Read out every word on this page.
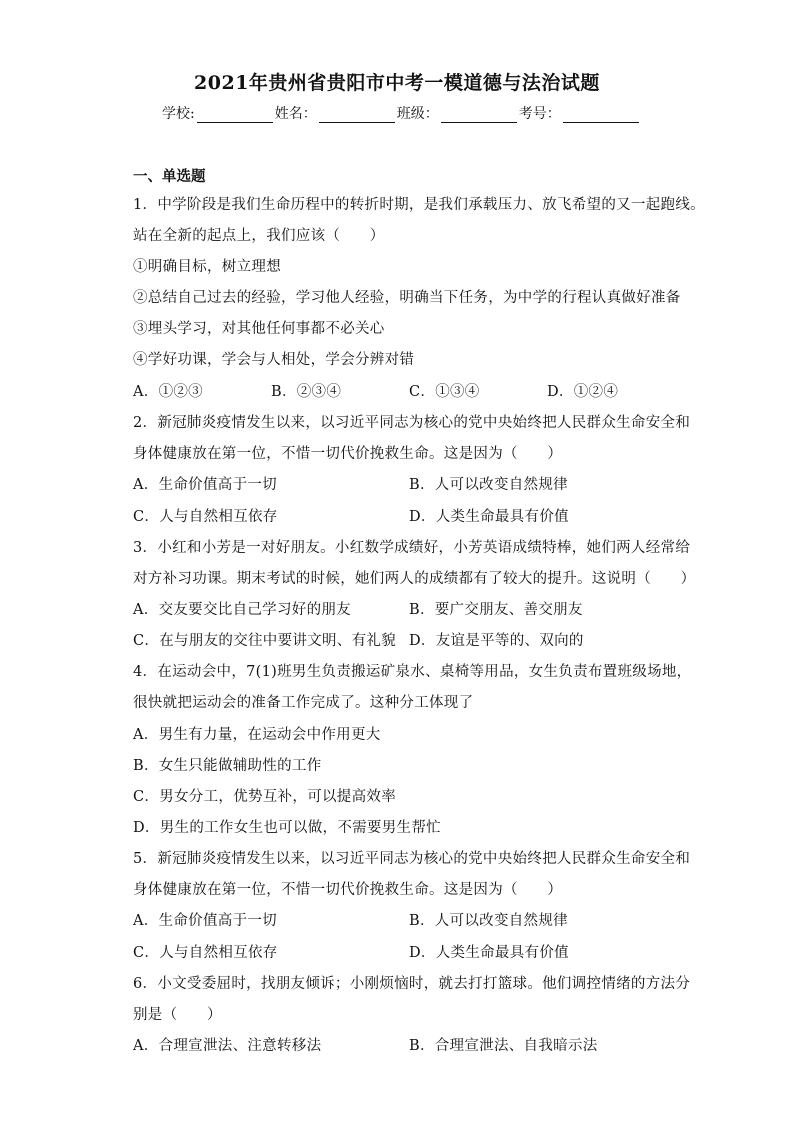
2021年贵州省贵阳市中考一模道德与法治试题
学校:	姓名：	班级：	考号：
一、单选题
1．中学阶段是我们生命历程中的转折时期，是我们承载压力、放飞希望的又一起跑线。
站在全新的起点上，我们应该（　　）
①明确目标，树立理想
②总结自己过去的经验，学习他人经验，明确当下任务，为中学的行程认真做好准备
③埋头学习，对其他任何事都不必关心
④学好功课，学会与人相处，学会分辨对错
A．①②③	B．②③④	C．①③④	D．①②④
2．新冠肺炎疫情发生以来，以习近平同志为核心的党中央始终把人民群众生命安全和
身体健康放在第一位，不惜一切代价挽救生命。这是因为（　　）
A．生命价值高于一切	B．人可以改变自然规律
C．人与自然相互依存	D．人类生命最具有价值
3．小红和小芳是一对好朋友。小红数学成绩好，小芳英语成绩特棒，她们两人经常给
对方补习功课。期末考试的时候，她们两人的成绩都有了较大的提升。这说明（　　）
A．交友要交比自己学习好的朋友	B．要广交朋友、善交朋友
C．在与朋友的交往中要讲文明、有礼貌 D．友谊是平等的、双向的
4．在运动会中，7(1)班男生负责搬运矿泉水、桌椅等用品，女生负责布置班级场地，
很快就把运动会的准备工作完成了。这种分工体现了
A．男生有力量，在运动会中作用更大
B．女生只能做辅助性的工作
C．男女分工，优势互补，可以提高效率
D．男生的工作女生也可以做，不需要男生帮忙
5．新冠肺炎疫情发生以来，以习近平同志为核心的党中央始终把人民群众生命安全和
身体健康放在第一位，不惜一切代价挽救生命。这是因为（　　）
A．生命价值高于一切	B．人可以改变自然规律
C．人与自然相互依存	D．人类生命最具有价值
6．小文受委屈时，找朋友倾诉；小刚烦恼时，就去打打篮球。他们调控情绪的方法分
别是（　　）
A．合理宣泄法、注意转移法	B．合理宣泄法、自我暗示法
